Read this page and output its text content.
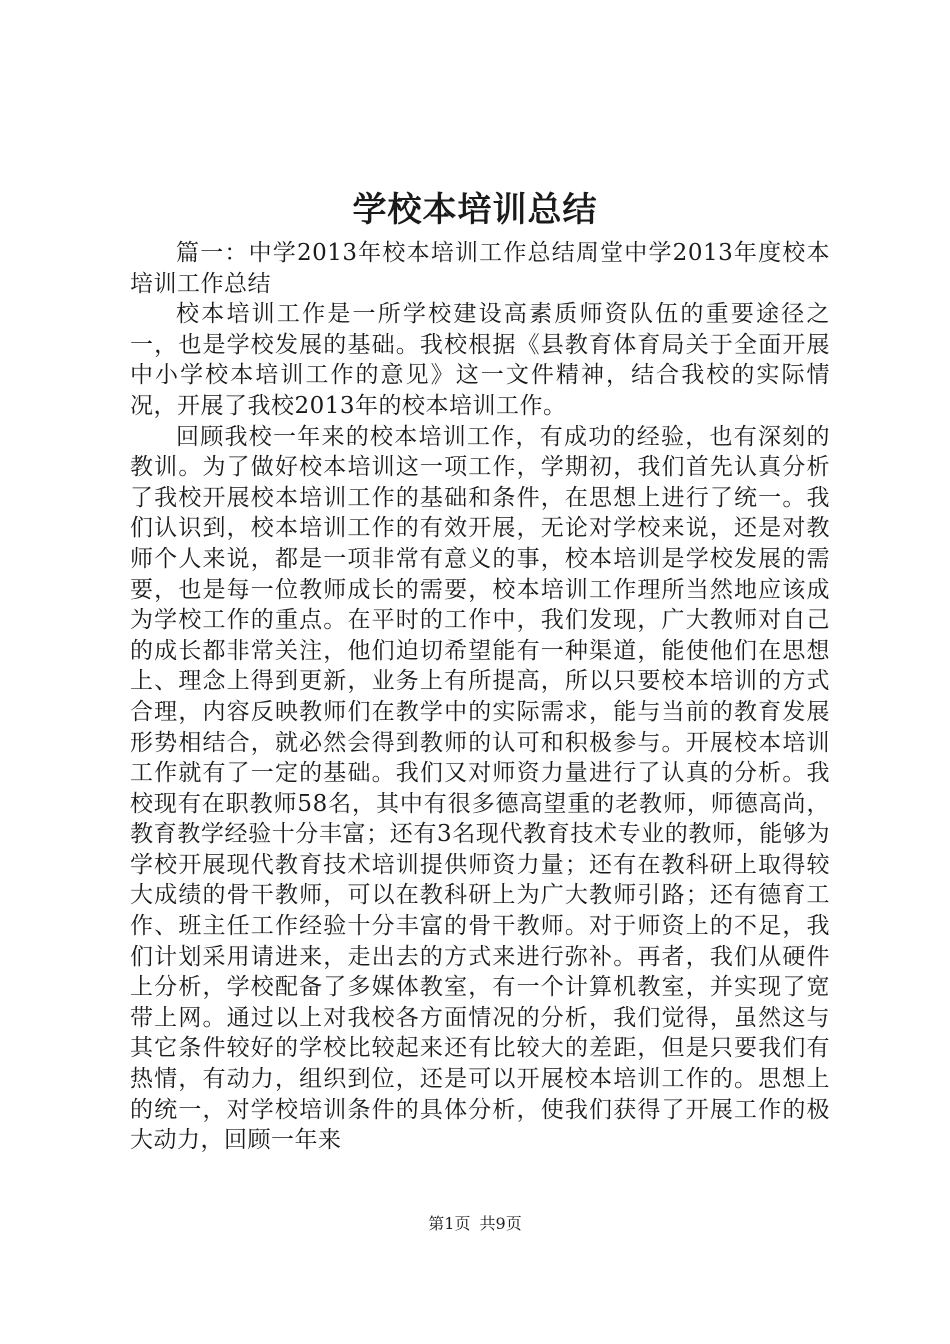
学校本培训总结

篇一：中学2013年校本培训工作总结周堂中学2013年度校本培训工作总结

校本培训工作是一所学校建设高素质师资队伍的重要途径之一，也是学校发展的基础。我校根据《县教育体育局关于全面开展中小学校本培训工作的意见》这一文件精神，结合我校的实际情况，开展了我校2013年的校本培训工作。

回顾我校一年来的校本培训工作，有成功的经验，也有深刻的教训。为了做好校本培训这一项工作，学期初，我们首先认真分析了我校开展校本培训工作的基础和条件，在思想上进行了统一。我们认识到，校本培训工作的有效开展，无论对学校来说，还是对教师个人来说，都是一项非常有意义的事，校本培训是学校发展的需要，也是每一位教师成长的需要，校本培训工作理所当然地应该成为学校工作的重点。在平时的工作中，我们发现，广大教师对自己的成长都非常关注，他们迫切希望能有一种渠道，能使他们在思想上、理念上得到更新，业务上有所提高，所以只要校本培训的方式合理，内容反映教师们在教学中的实际需求，能与当前的教育发展形势相结合，就必然会得到教师的认可和积极参与。开展校本培训工作就有了一定的基础。我们又对师资力量进行了认真的分析。我校现有在职教师58名，其中有很多德高望重的老教师，师德高尚，教育教学经验十分丰富；还有3名现代教育技术专业的教师，能够为学校开展现代教育技术培训提供师资力量；还有在教科研上取得较大成绩的骨干教师，可以在教科研上为广大教师引路；还有德育工作、班主任工作经验十分丰富的骨干教师。对于师资上的不足，我们计划采用请进来，走出去的方式来进行弥补。再者，我们从硬件上分析，学校配备了多媒体教室，有一个计算机教室，并实现了宽带上网。通过以上对我校各方面情况的分析，我们觉得，虽然这与其它条件较好的学校比较起来还有比较大的差距，但是只要我们有热情，有动力，组织到位，还是可以开展校本培训工作的。思想上的统一，对学校培训条件的具体分析，使我们获得了开展工作的极大动力，回顾一年来

第1页 共9页
